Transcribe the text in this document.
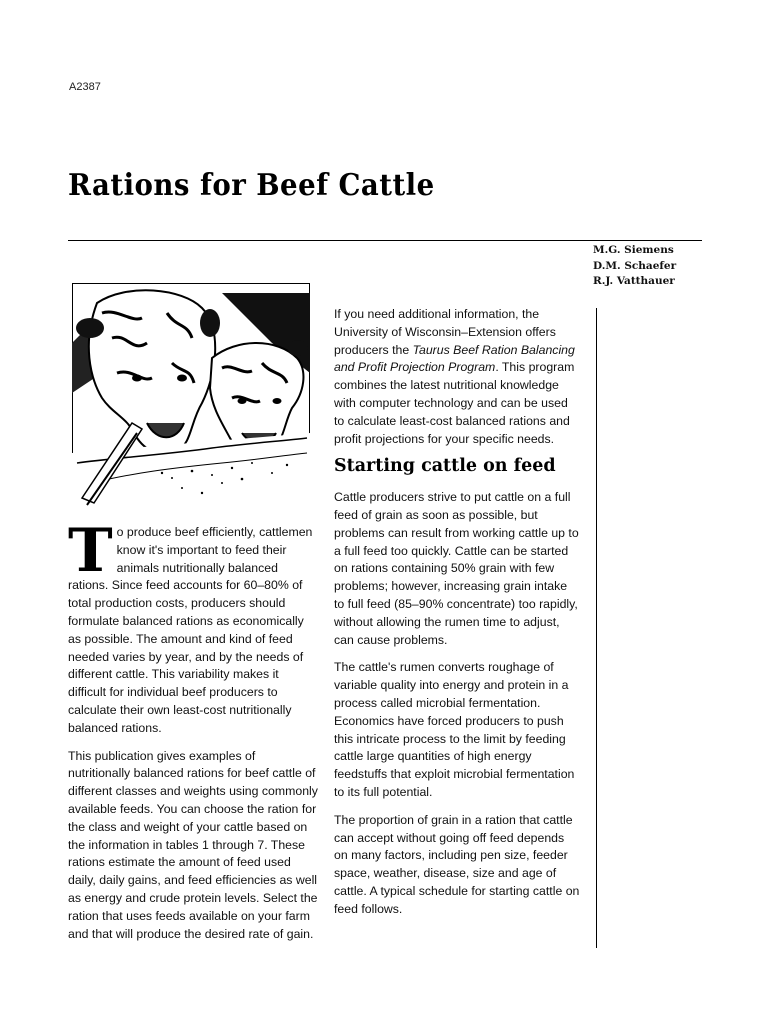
A2387
Rations for Beef Cattle
M.G. Siemens
D.M. Schaefer
R.J. Vatthauer

To produce beef efficiently, cattlemen know it's important to feed their animals nutritionally balanced rations. Since feed accounts for 60–80% of total production costs, producers should formulate balanced rations as economically as possible. The amount and kind of feed needed varies by year, and by the needs of different cattle. This variability makes it difficult for individual beef producers to calculate their own least-cost nutritionally balanced rations.

This publication gives examples of nutritionally balanced rations for beef cattle of different classes and weights using commonly available feeds. You can choose the ration for the class and weight of your cattle based on the information in tables 1 through 7. These rations estimate the amount of feed used daily, daily gains, and feed efficiencies as well as energy and crude protein levels. Select the ration that uses feeds available on your farm and that will produce the desired rate of gain.

If you need additional information, the University of Wisconsin–Extension offers producers the Taurus Beef Ration Balancing and Profit Projection Program. This program combines the latest nutritional knowledge with computer technology and can be used to calculate least-cost balanced rations and profit projections for your specific needs.

Starting cattle on feed

Cattle producers strive to put cattle on a full feed of grain as soon as possible, but problems can result from working cattle up to a full feed too quickly. Cattle can be started on rations containing 50% grain with few problems; however, increasing grain intake to full feed (85–90% concentrate) too rapidly, without allowing the rumen time to adjust, can cause problems.

The cattle's rumen converts roughage of variable quality into energy and protein in a process called microbial fermentation. Economics have forced producers to push this intricate process to the limit by feeding cattle large quantities of high energy feedstuffs that exploit microbial fermentation to its full potential.

The proportion of grain in a ration that cattle can accept without going off feed depends on many factors, including pen size, feeder space, weather, disease, size and age of cattle. A typical schedule for starting cattle on feed follows.
